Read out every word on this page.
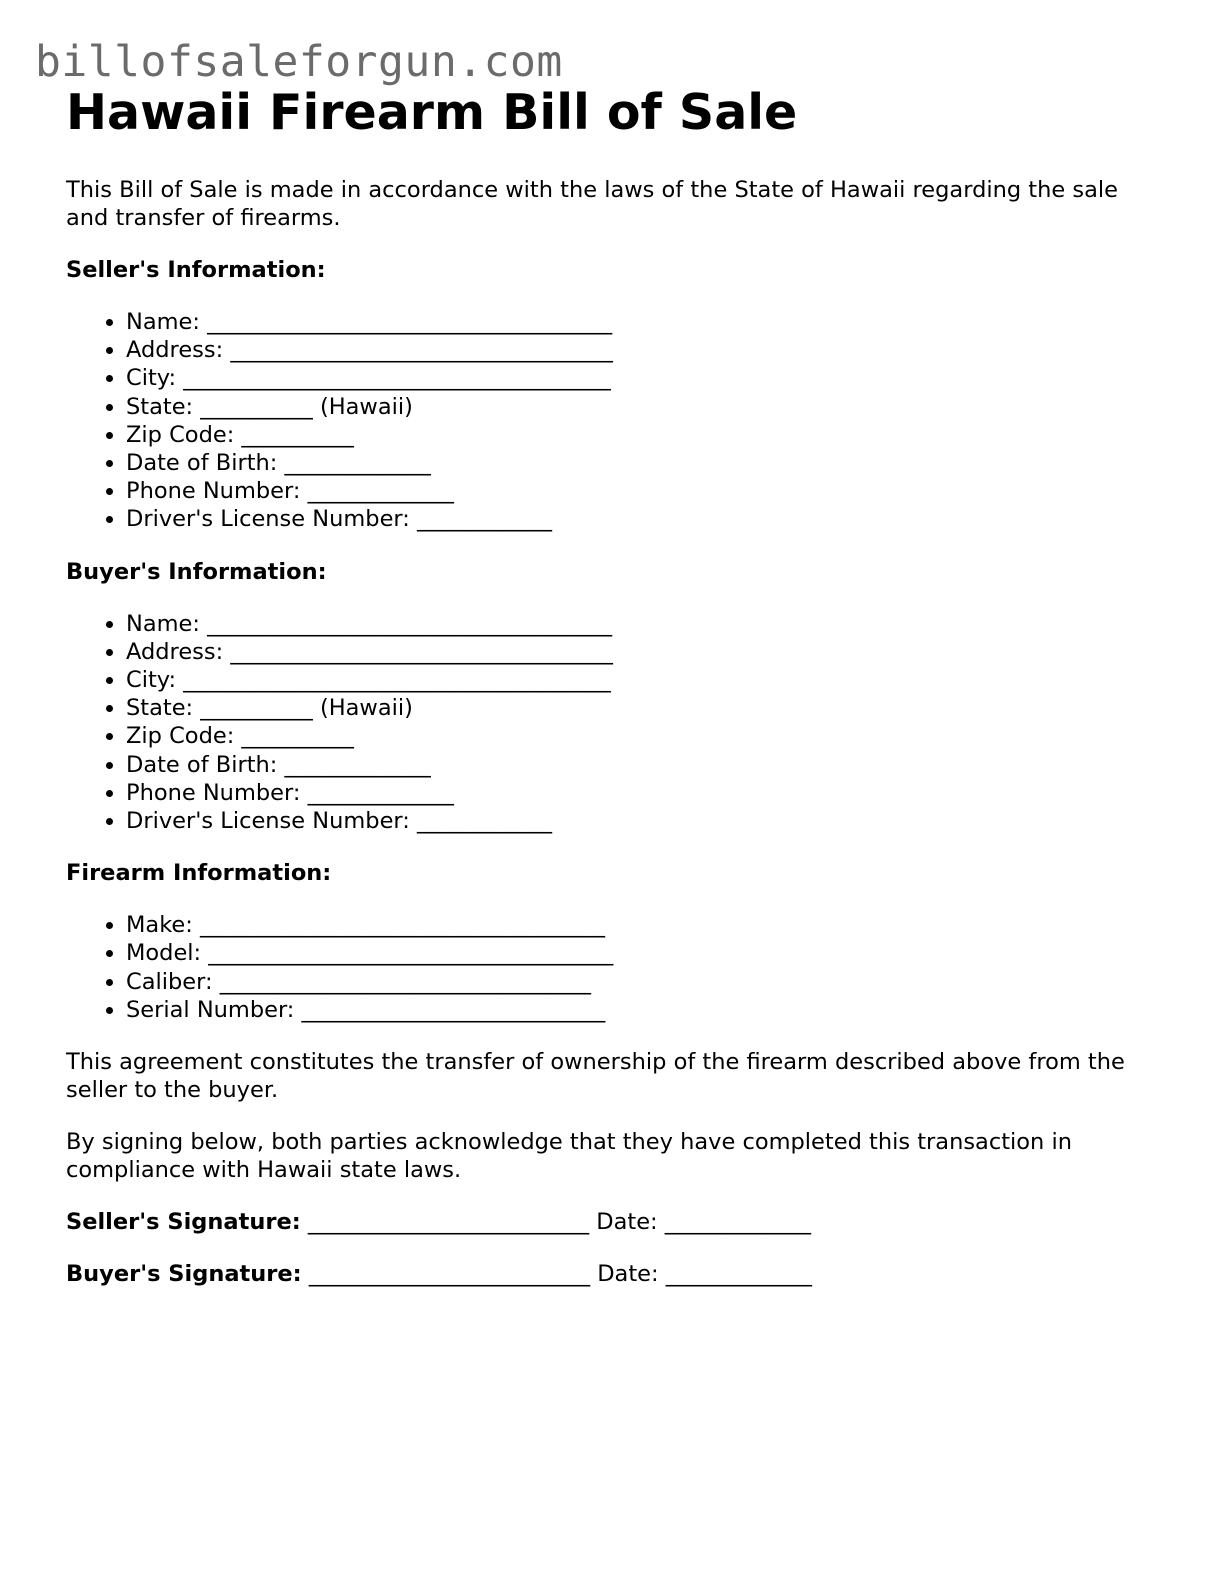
billofsaleforgun.com
Hawaii Firearm Bill of Sale

This Bill of Sale is made in accordance with the laws of the State of Hawaii regarding the sale and transfer of firearms.

Seller's Information:
• Name: ____________________________________
• Address: __________________________________
• City: ______________________________________
• State: __________ (Hawaii)
• Zip Code: __________
• Date of Birth: _____________
• Phone Number: _____________
• Driver's License Number: ____________
Buyer's Information:
• Name: ____________________________________
• Address: __________________________________
• City: ______________________________________
• State: __________ (Hawaii)
• Zip Code: __________
• Date of Birth: _____________
• Phone Number: _____________
• Driver's License Number: ____________
Firearm Information:
• Make: ____________________________________
• Model: ____________________________________
• Caliber: _________________________________
• Serial Number: ___________________________

This agreement constitutes the transfer of ownership of the firearm described above from the seller to the buyer.

By signing below, both parties acknowledge that they have completed this transaction in compliance with Hawaii state laws.

Seller's Signature: _________________________ Date: _____________
Buyer's Signature: _________________________ Date: _____________
